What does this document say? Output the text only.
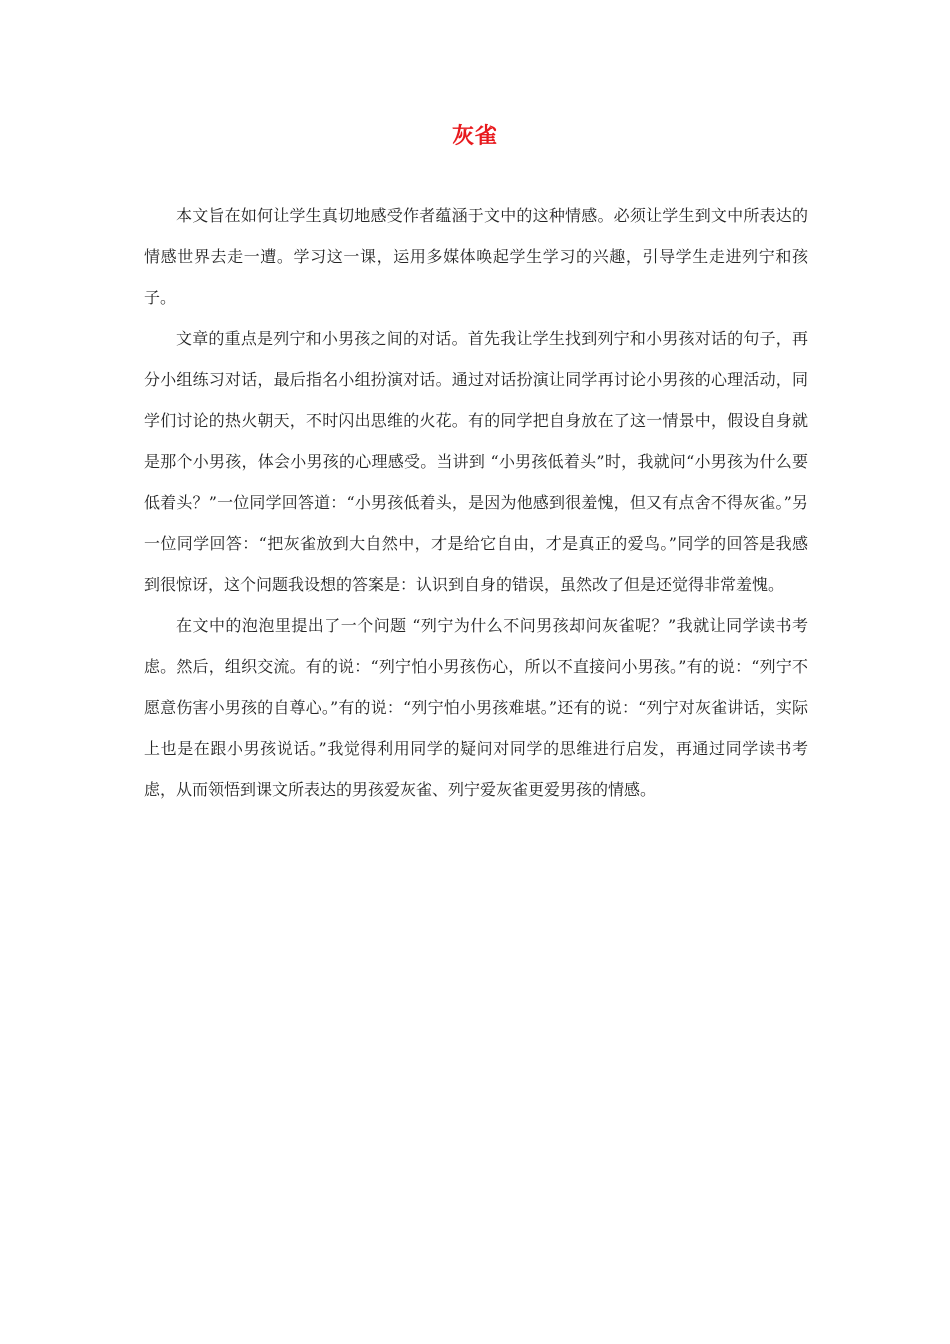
灰雀

本文旨在如何让学生真切地感受作者蕴涵于文中的这种情感。必须让学生到文中所表达的情感世界去走一遭。学习这一课，运用多媒体唤起学生学习的兴趣，引导学生走进列宁和孩子。

文章的重点是列宁和小男孩之间的对话。首先我让学生找到列宁和小男孩对话的句子，再分小组练习对话，最后指名小组扮演对话。通过对话扮演让同学再讨论小男孩的心理活动，同学们讨论的热火朝天，不时闪出思维的火花。有的同学把自身放在了这一情景中，假设自身就是那个小男孩，体会小男孩的心理感受。当讲到 “小男孩低着头”时，我就问“小男孩为什么要低着头？”一位同学回答道：“小男孩低着头，是因为他感到很羞愧，但又有点舍不得灰雀。”另一位同学回答：“把灰雀放到大自然中，才是给它自由，才是真正的爱鸟。”同学的回答是我感到很惊讶，这个问题我设想的答案是：认识到自身的错误，虽然改了但是还觉得非常羞愧。

在文中的泡泡里提出了一个问题 “列宁为什么不问男孩却问灰雀呢？”我就让同学读书考虑。然后，组织交流。有的说：“列宁怕小男孩伤心，所以不直接问小男孩。”有的说：“列宁不愿意伤害小男孩的自尊心。”有的说：“列宁怕小男孩难堪。”还有的说：“列宁对灰雀讲话，实际上也是在跟小男孩说话。”我觉得利用同学的疑问对同学的思维进行启发，再通过同学读书考虑，从而领悟到课文所表达的男孩爱灰雀、列宁爱灰雀更爱男孩的情感。
